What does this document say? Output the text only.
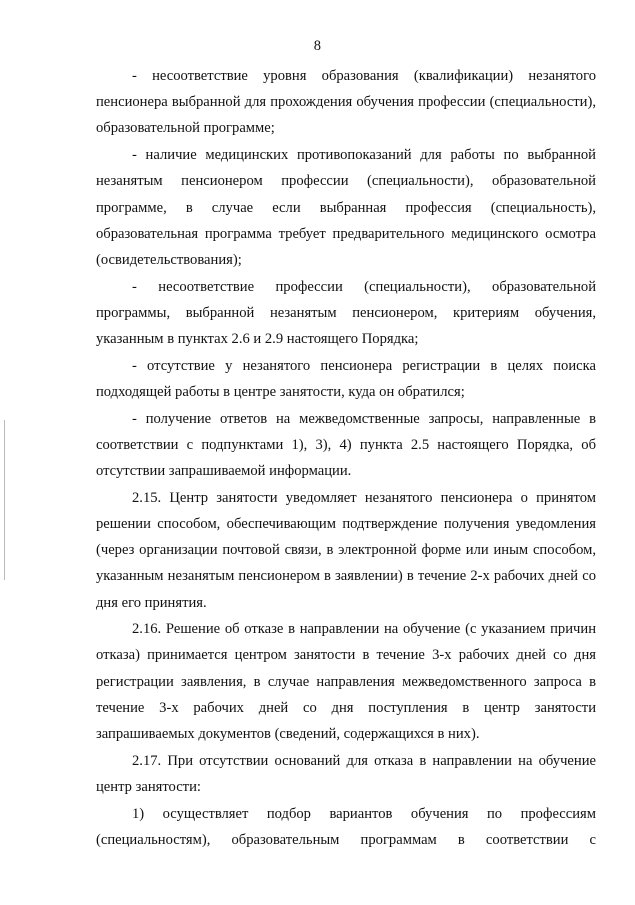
8

- несоответствие уровня образования (квалификации) незанятого пенсионера выбранной для прохождения обучения профессии (специальности), образовательной программе;

- наличие медицинских противопоказаний для работы по выбранной незанятым пенсионером профессии (специальности), образовательной программе, в случае если выбранная профессия (специальность), образовательная программа требует предварительного медицинского осмотра (освидетельствования);

- несоответствие профессии (специальности), образовательной программы, выбранной незанятым пенсионером, критериям обучения, указанным в пунктах 2.6 и 2.9 настоящего Порядка;

- отсутствие у незанятого пенсионера регистрации в целях поиска подходящей работы в центре занятости, куда он обратился;

- получение ответов на межведомственные запросы, направленные в соответствии с подпунктами 1), 3), 4) пункта 2.5 настоящего Порядка, об отсутствии запрашиваемой информации.

2.15. Центр занятости уведомляет незанятого пенсионера о принятом решении способом, обеспечивающим подтверждение получения уведомления (через организации почтовой связи, в электронной форме или иным способом, указанным незанятым пенсионером в заявлении) в течение 2-х рабочих дней со дня его принятия.

2.16. Решение об отказе в направлении на обучение (с указанием причин отказа) принимается центром занятости в течение 3-х рабочих дней со дня регистрации заявления, в случае направления межведомственного запроса в течение 3-х рабочих дней со дня поступления в центр занятости запрашиваемых документов (сведений, содержащихся в них).

2.17. При отсутствии оснований для отказа в направлении на обучение центр занятости:

1) осуществляет подбор вариантов обучения по профессиям (специальностям), образовательным программам в соответствии с
